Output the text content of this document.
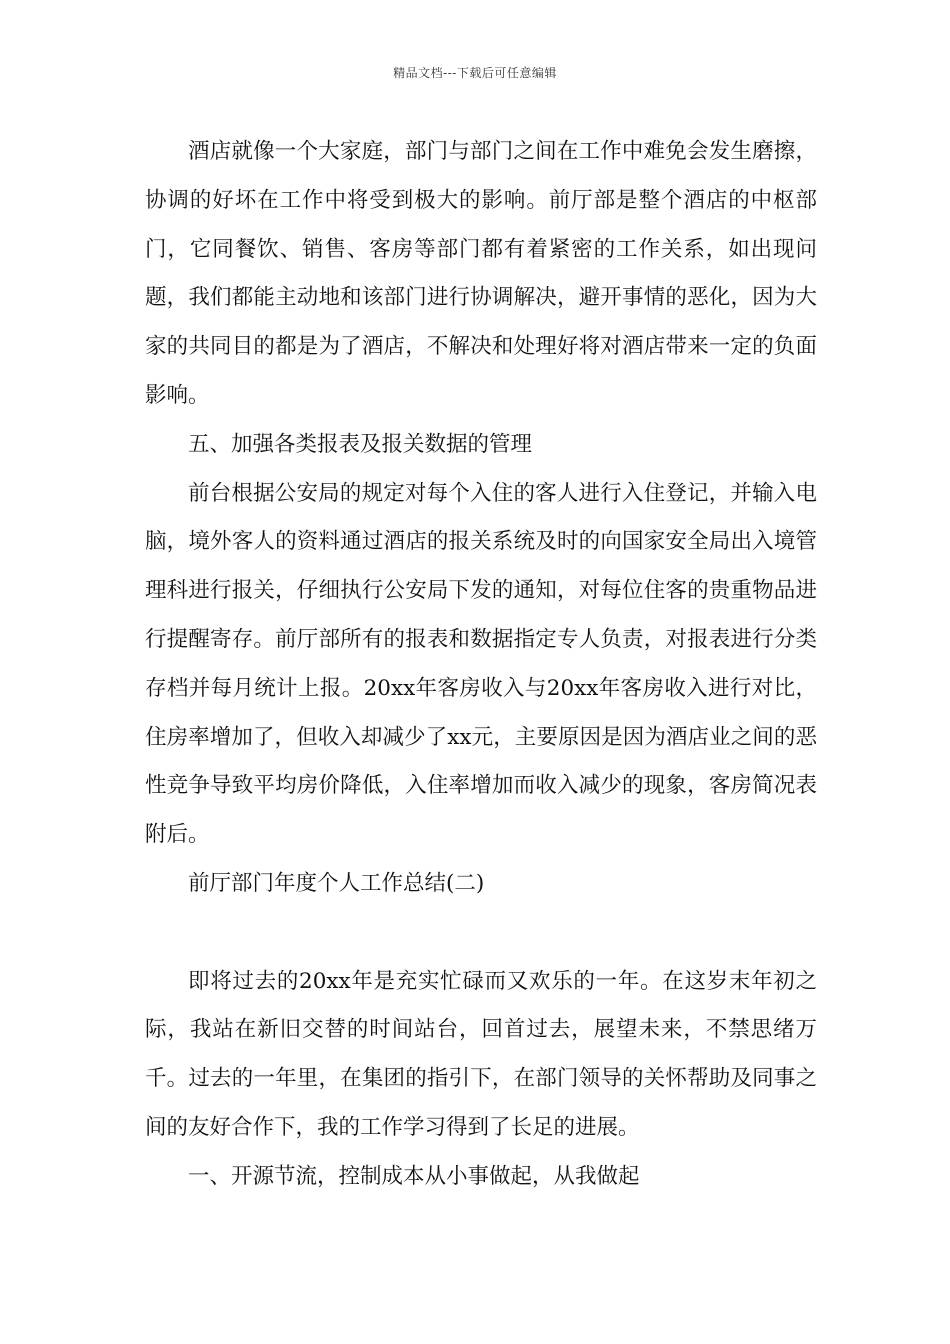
精品文档---下载后可任意编辑

酒店就像一个大家庭，部门与部门之间在工作中难免会发生磨擦，协调的好坏在工作中将受到极大的影响。前厅部是整个酒店的中枢部门，它同餐饮、销售、客房等部门都有着紧密的工作关系，如出现问题，我们都能主动地和该部门进行协调解决，避开事情的恶化，因为大家的共同目的都是为了酒店，不解决和处理好将对酒店带来一定的负面影响。

五、加强各类报表及报关数据的管理

前台根据公安局的规定对每个入住的客人进行入住登记，并输入电脑，境外客人的资料通过酒店的报关系统及时的向国家安全局出入境管理科进行报关，仔细执行公安局下发的通知，对每位住客的贵重物品进行提醒寄存。前厅部所有的报表和数据指定专人负责，对报表进行分类存档并每月统计上报。20xx年客房收入与20xx年客房收入进行对比，住房率增加了，但收入却减少了xx元，主要原因是因为酒店业之间的恶性竞争导致平均房价降低，入住率增加而收入减少的现象，客房简况表附后。

前厅部门年度个人工作总结(二)

即将过去的20xx年是充实忙碌而又欢乐的一年。在这岁末年初之际，我站在新旧交替的时间站台，回首过去，展望未来，不禁思绪万千。过去的一年里，在集团的指引下，在部门领导的关怀帮助及同事之间的友好合作下，我的工作学习得到了长足的进展。

一、开源节流，控制成本从小事做起，从我做起
